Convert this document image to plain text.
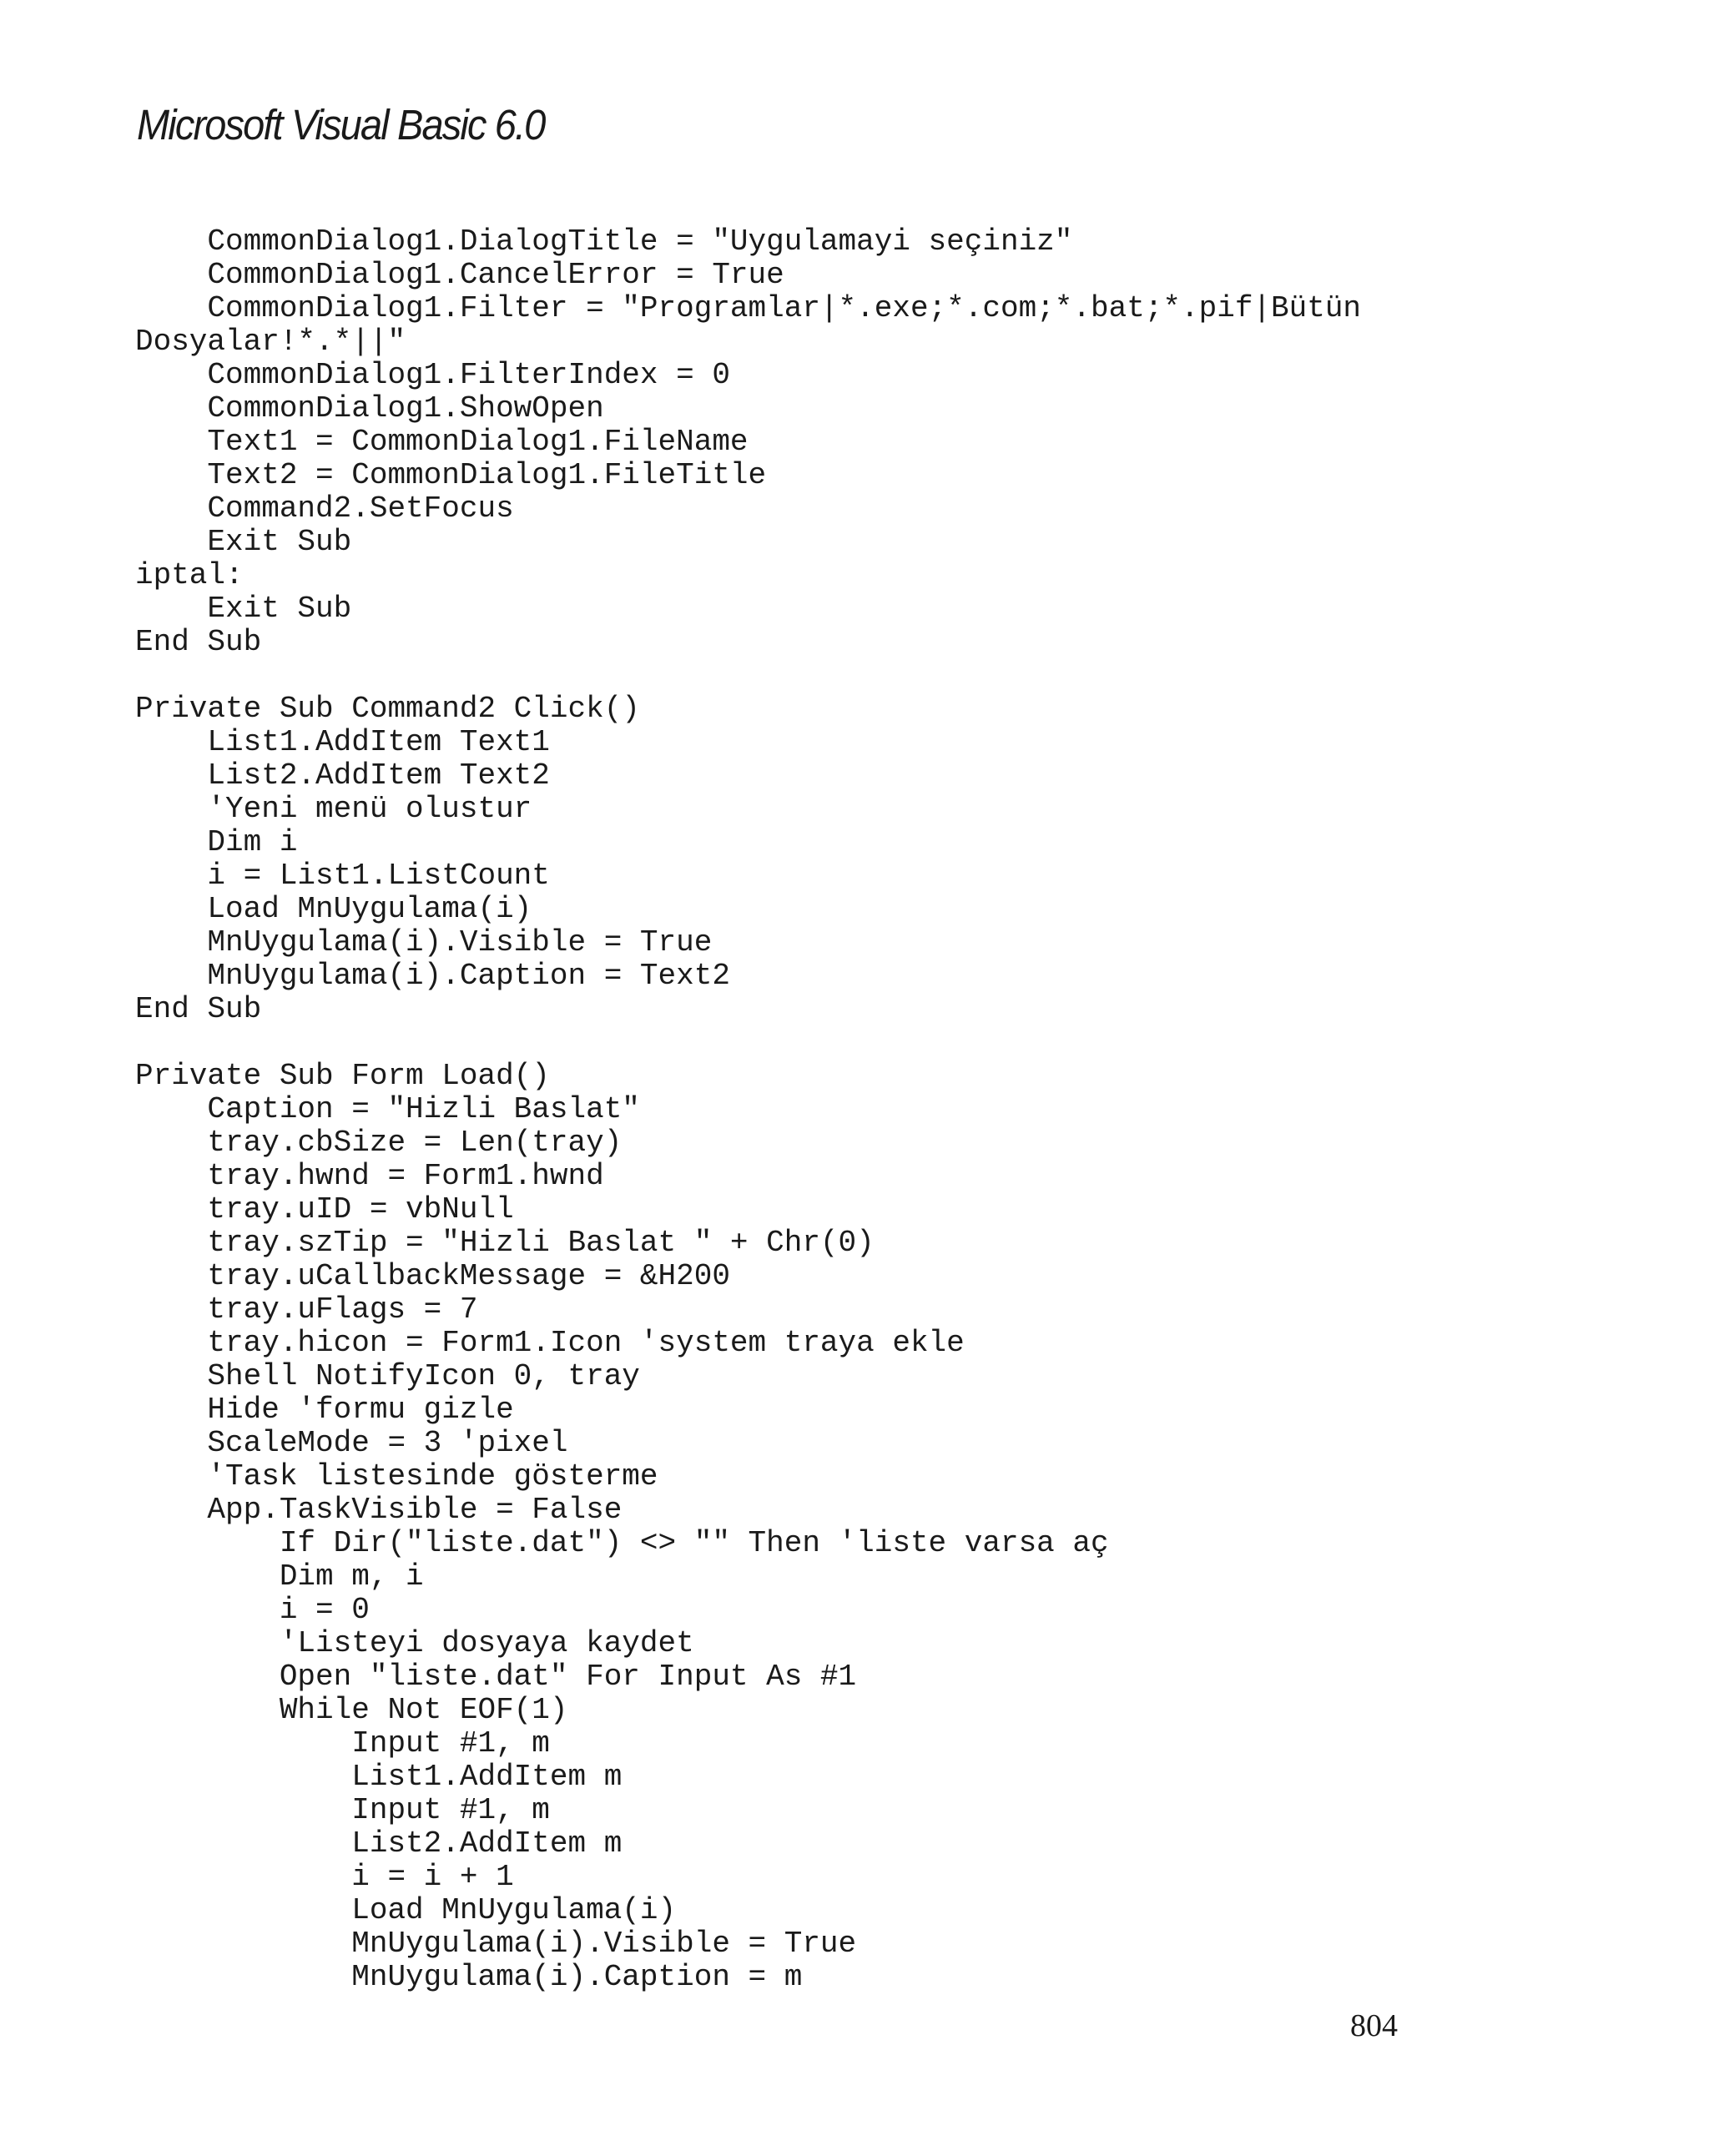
Microsoft Visual Basic 6.0
CommonDialog1.DialogTitle = "Uygulamayi seçiniz"
CommonDialog1.CancelError = True
CommonDialog1.Filter = "Programlar|*.exe;*.com;*.bat;*.pif|Bütün
Dosyalar!*.*||"
CommonDialog1.FilterIndex = 0
CommonDialog1.ShowOpen
Text1 = CommonDialog1.FileName
Text2 = CommonDialog1.FileTitle
Command2.SetFocus
Exit Sub
iptal:
Exit Sub
End Sub
Private Sub Command2 Click()
List1.AddItem Text1
List2.AddItem Text2
'Yeni menü olustur
Dim i
i = List1.ListCount
Load MnUygulama(i)
MnUygulama(i).Visible = True
MnUygulama(i).Caption = Text2
End Sub
Private Sub Form Load()
Caption = "Hizli Baslat"
tray.cbSize = Len(tray)
tray.hwnd = Form1.hwnd
tray.uID = vbNull
tray.szTip = "Hizli Baslat " + Chr(0)
tray.uCallbackMessage = &H200
tray.uFlags = 7
tray.hicon = Form1.Icon 'system traya ekle
Shell NotifyIcon 0, tray
Hide 'formu gizle
ScaleMode = 3 'pixel
'Task listesinde gösterme
App.TaskVisible = False
If Dir("liste.dat") <> "" Then 'liste varsa aç
Dim m, i
i = 0
'Listeyi dosyaya kaydet
Open "liste.dat" For Input As #1
While Not EOF(1)
Input #1, m
List1.AddItem m
Input #1, m
List2.AddItem m
i = i + 1
Load MnUygulama(i)
MnUygulama(i).Visible = True
MnUygulama(i).Caption = m
804
